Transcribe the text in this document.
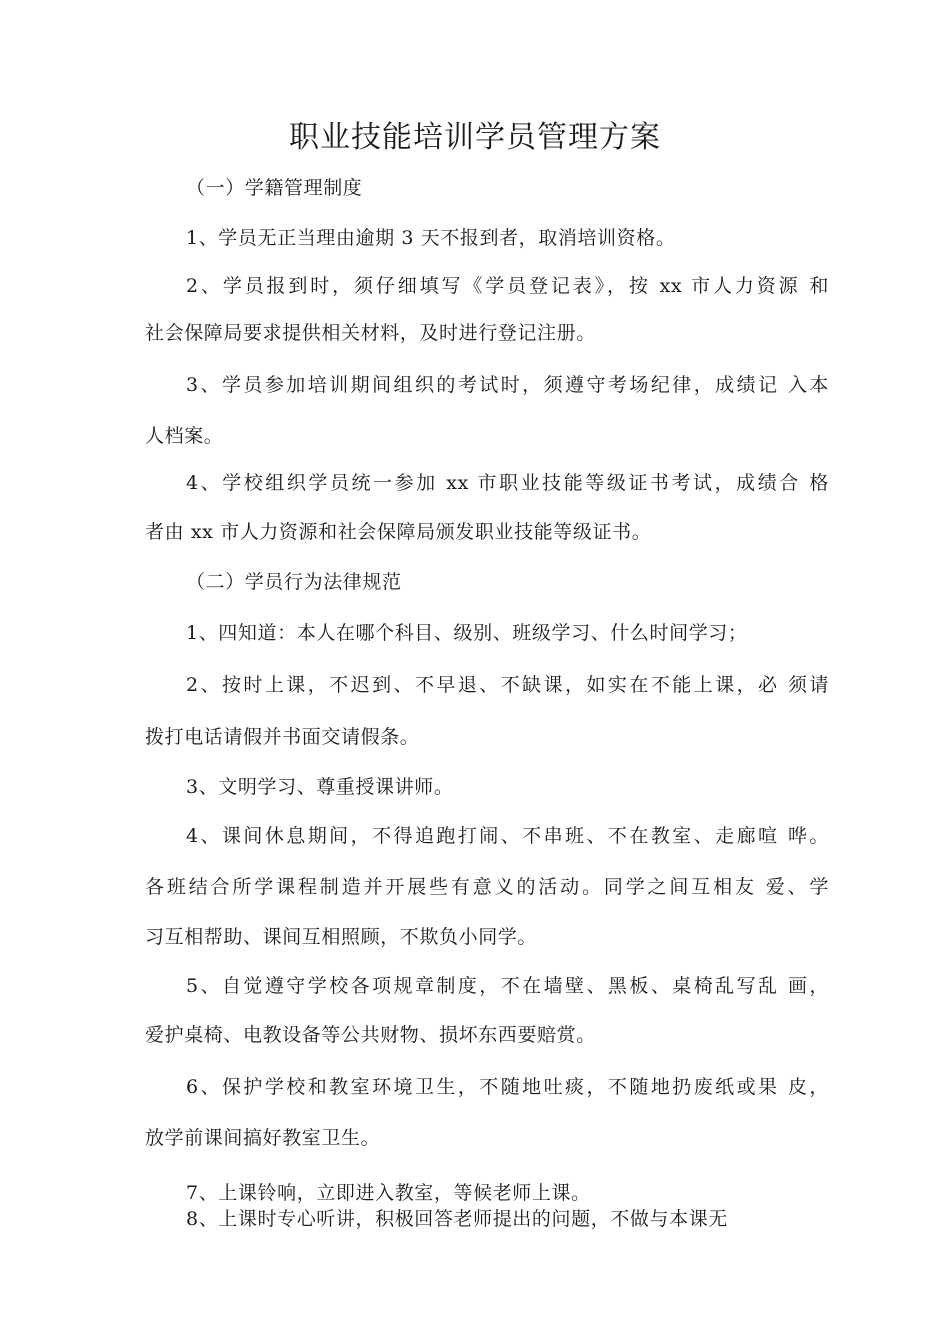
职业技能培训学员管理方案
（一）学籍管理制度
1、学员无正当理由逾期 3 天不报到者，取消培训资格。
2、学员报到时，须仔细填写《学员登记表》，按 xx 市人力资源 和
社会保障局要求提供相关材料，及时进行登记注册。
3、学员参加培训期间组织的考试时，须遵守考场纪律，成绩记 入本
人档案。
4、学校组织学员统一参加 xx 市职业技能等级证书考试，成绩合 格
者由 xx 市人力资源和社会保障局颁发职业技能等级证书。
（二）学员行为法律规范
1、四知道：本人在哪个科目、级别、班级学习、什么时间学习；
2、按时上课，不迟到、不早退、不缺课，如实在不能上课，必 须请
拨打电话请假并书面交请假条。
3、文明学习、尊重授课讲师。
4、课间休息期间，不得追跑打闹、不串班、不在教室、走廊喧 哗。
各班结合所学课程制造并开展些有意义的活动。同学之间互相友 爱、学
习互相帮助、课间互相照顾，不欺负小同学。
5、自觉遵守学校各项规章制度，不在墙壁、黑板、桌椅乱写乱 画，
爱护桌椅、电教设备等公共财物、损坏东西要赔赏。
6、保护学校和教室环境卫生，不随地吐痰，不随地扔废纸或果 皮，
放学前课间搞好教室卫生。
7、上课铃响，立即进入教室，等候老师上课。
8、上课时专心听讲，积极回答老师提出的问题，不做与本课无
